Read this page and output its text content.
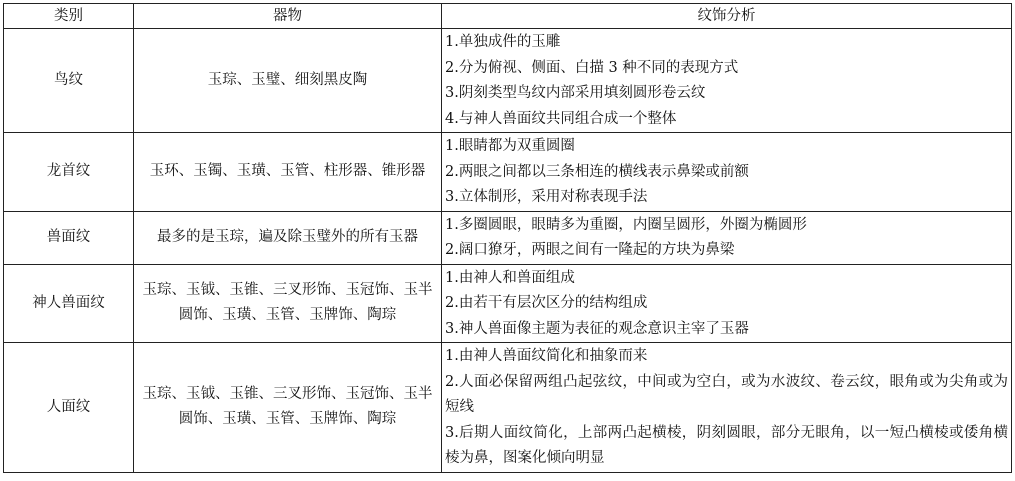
类别	器物	纹饰分析
鸟纹	玉琮、玉璧、细刻黑皮陶	1.单独成件的玉雕
2.分为俯视、侧面、白描 3 种不同的表现方式
3.阴刻类型鸟纹内部采用填刻圆形卷云纹
4.与神人兽面纹共同组合成一个整体

龙首纹	玉环、玉镯、玉璜、玉管、柱形器、锥形器	1.眼睛都为双重圆圈
2.两眼之间都以三条相连的横线表示鼻梁或前额
3.立体制形，采用对称表现手法

兽面纹	最多的是玉琮，遍及除玉璧外的所有玉器	1.多圈圆眼，眼睛多为重圈，内圈呈圆形，外圈为椭圆形
2.阔口獠牙，两眼之间有一隆起的方块为鼻梁

神人兽面纹	玉琮、玉钺、玉锥、三叉形饰、玉冠饰、玉半圆饰、玉璜、玉管、玉牌饰、陶琮	1.由神人和兽面组成
2.由若干有层次区分的结构组成
3.神人兽面像主题为表征的观念意识主宰了玉器

人面纹	玉琮、玉钺、玉锥、三叉形饰、玉冠饰、玉半圆饰、玉璜、玉管、玉牌饰、陶琮	1.由神人兽面纹简化和抽象而来
2.人面必保留两组凸起弦纹，中间或为空白，或为水波纹、卷云纹，眼角或为尖角或为短线
3.后期人面纹简化，上部两凸起横棱，阴刻圆眼，部分无眼角，以一短凸横棱或倭角横棱为鼻，图案化倾向明显
